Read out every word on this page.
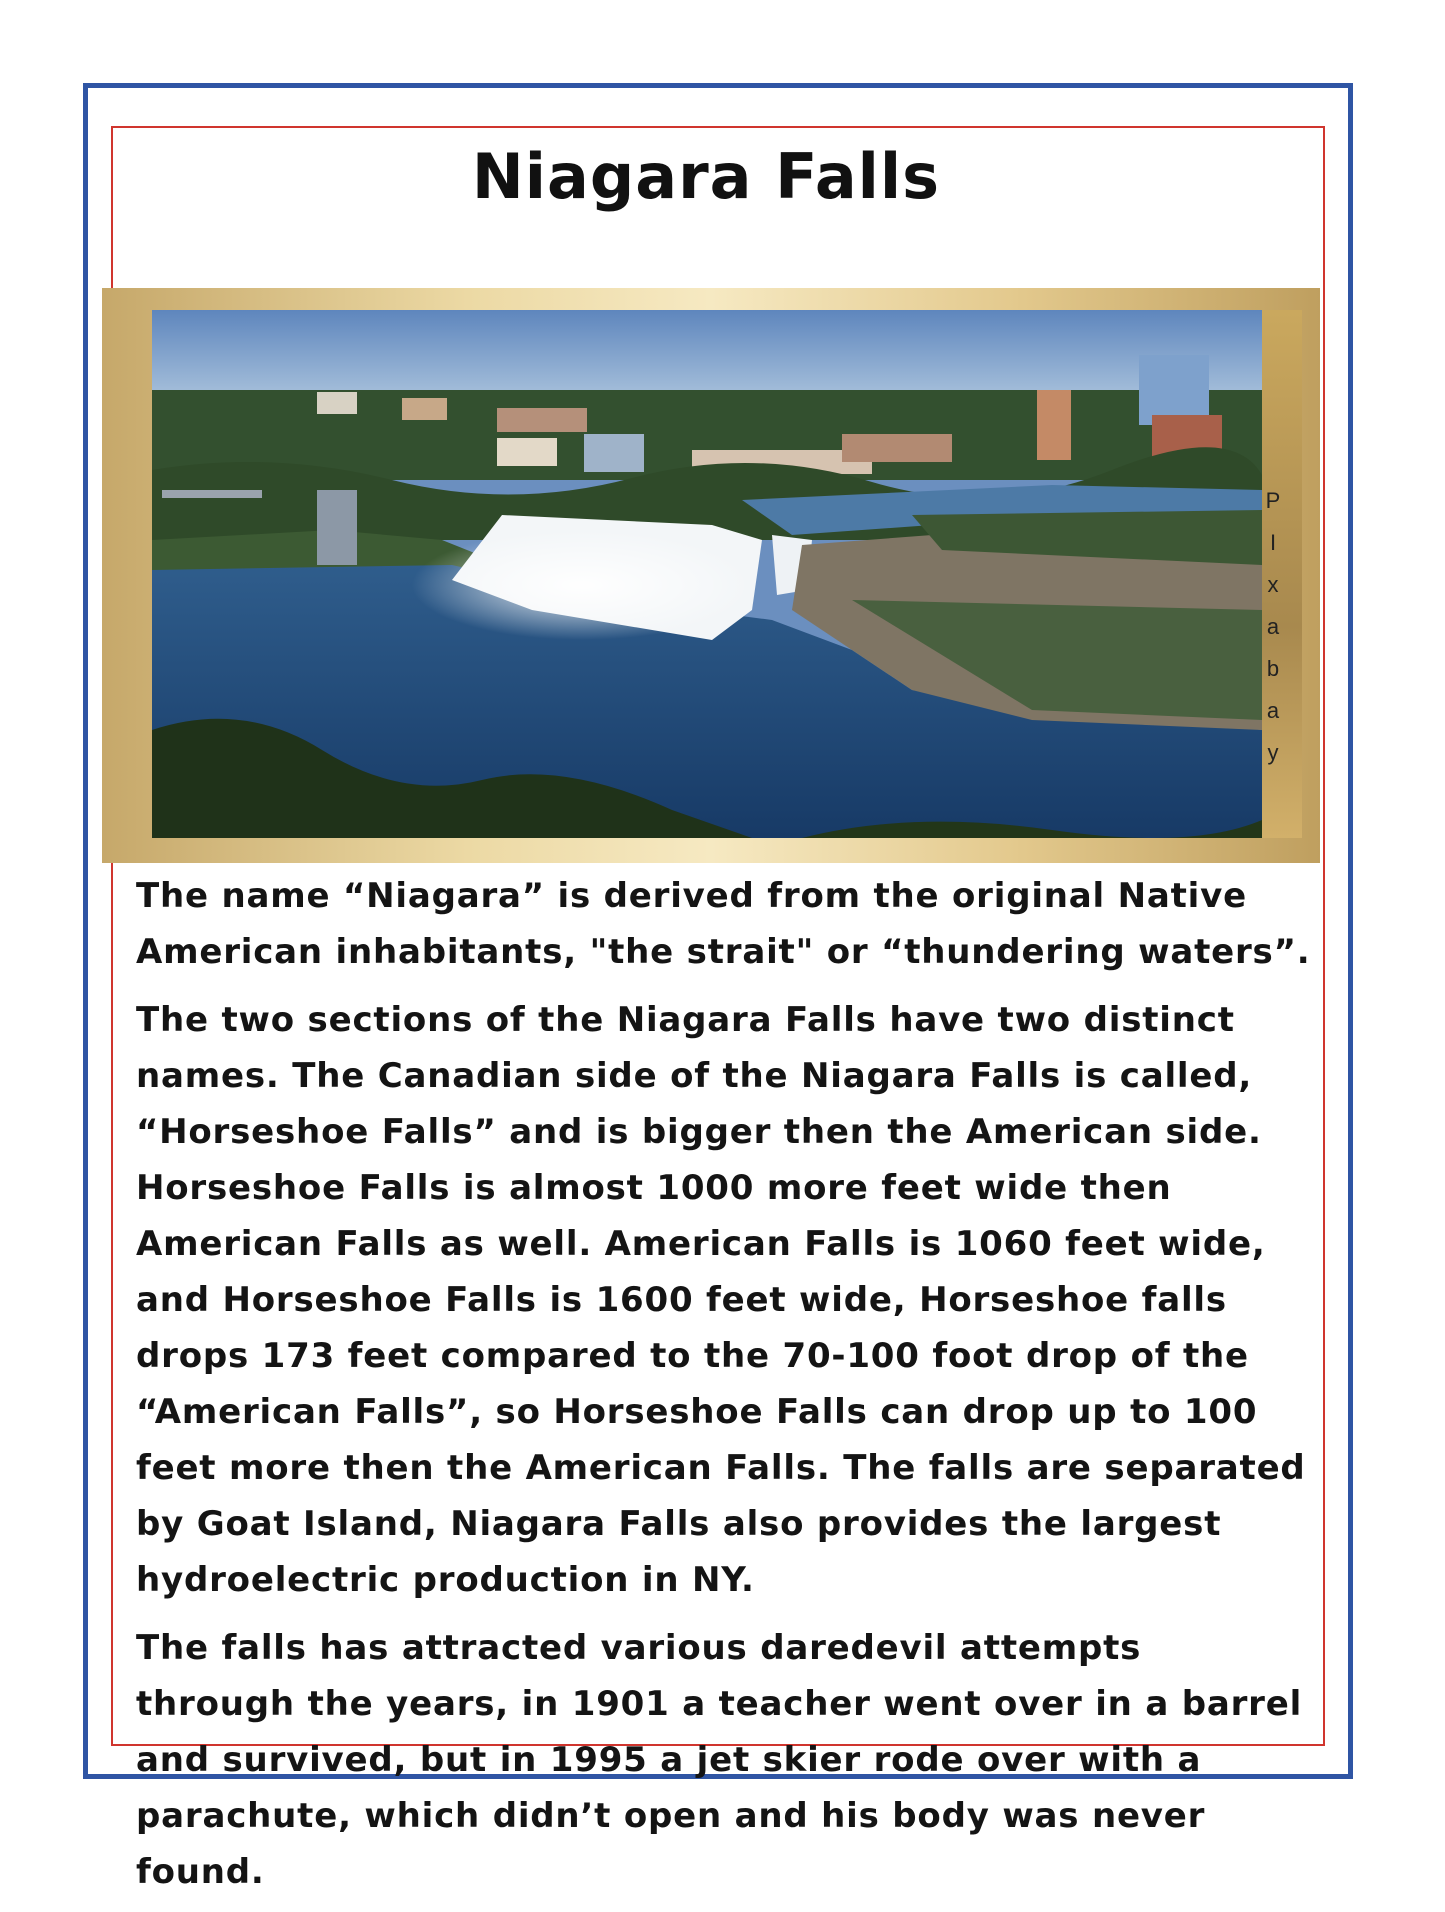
Niagara Falls
P
I
x
a
b
a
y

The name “Niagara” is derived from the original Native American inhabitants, "the strait" or “thundering waters”.

The two sections of the Niagara Falls have two distinct names. The Canadian side of the Niagara Falls is called, “Horseshoe Falls” and is bigger then the American side. Horseshoe Falls is almost 1000 more feet wide then American Falls as well. American Falls is 1060 feet wide, and Horseshoe Falls is 1600 feet wide, Horseshoe falls drops 173 feet compared to the 70-100 foot drop of the “American Falls”, so Horseshoe Falls can drop up to 100 feet more then the American Falls. The falls are separated by Goat Island, Niagara Falls also provides the largest hydroelectric production in NY.

The falls has attracted various daredevil attempts through the years, in 1901 a teacher went over in a barrel and survived, but in 1995 a jet skier rode over with a parachute, which didn’t open and his body was never found.
